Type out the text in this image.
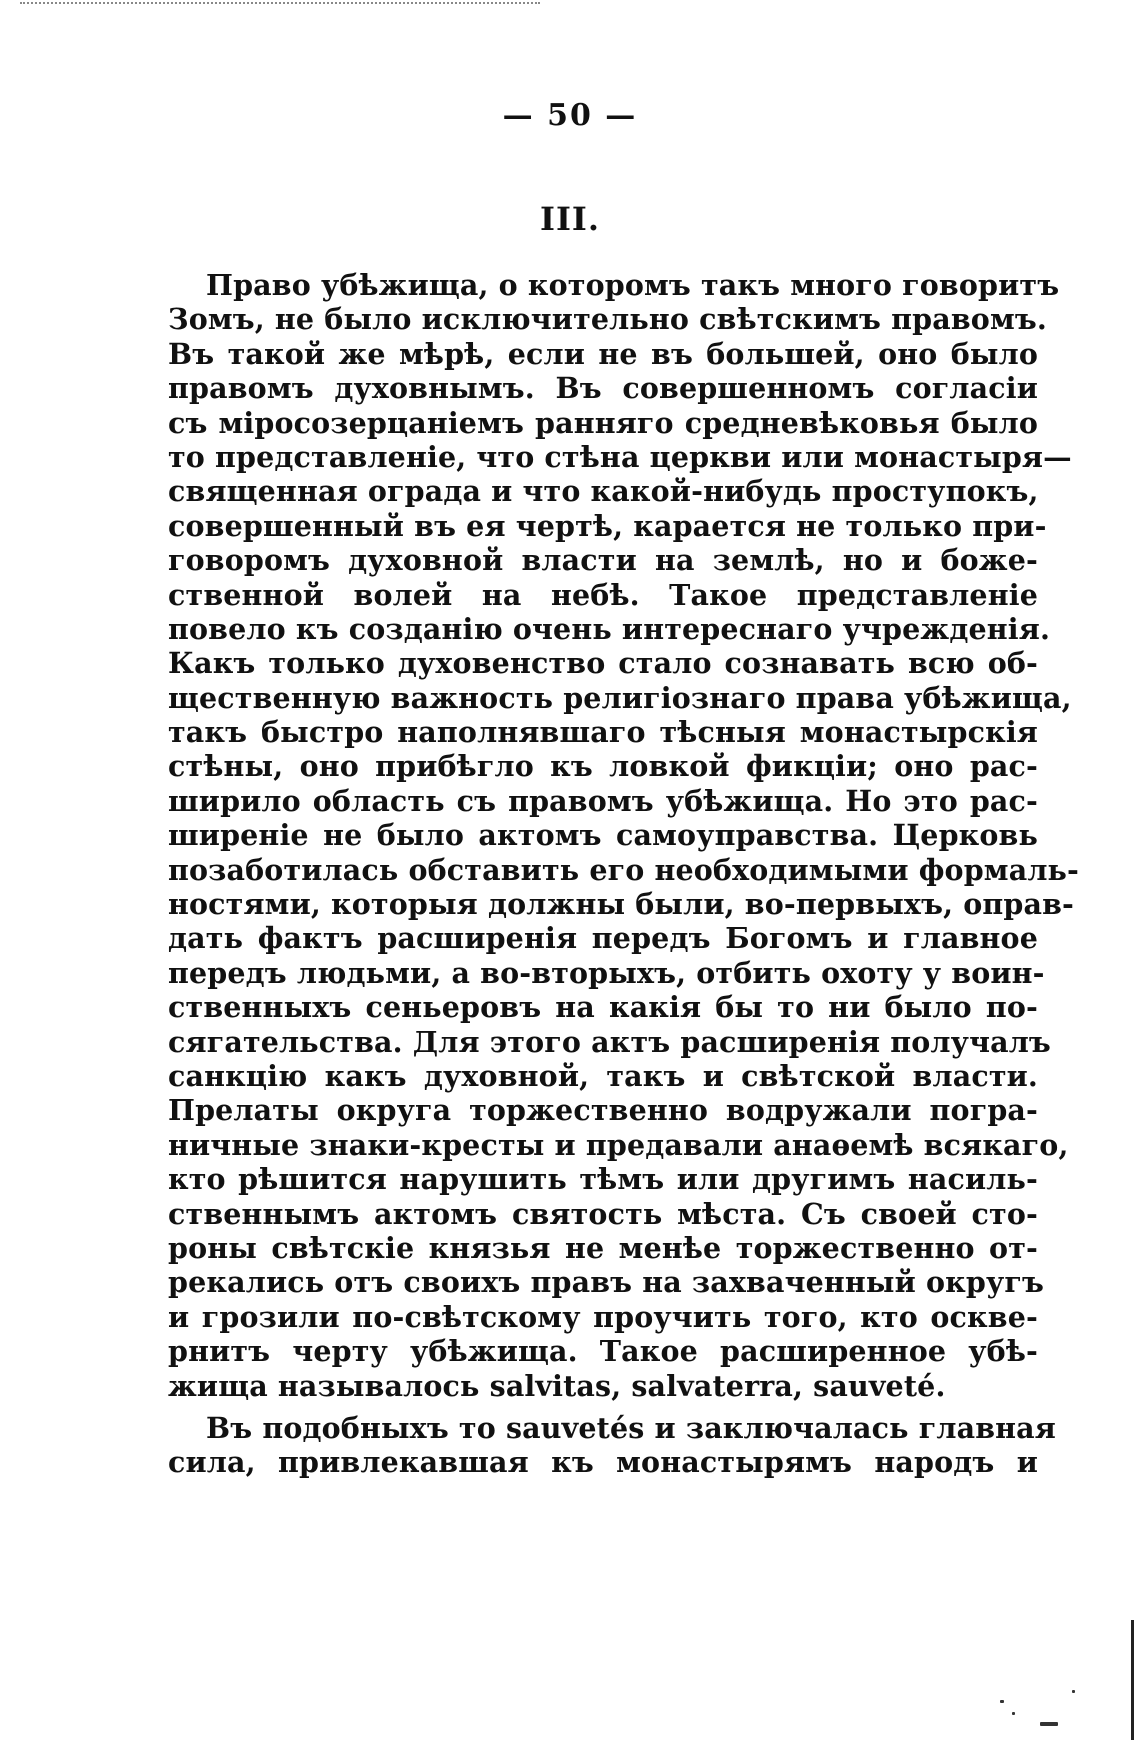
— 50 —
III.
Право убѣжища, о которомъ такъ много говоритъ
Зомъ, не было исключительно свѣтскимъ правомъ.
Въ такой же мѣрѣ, если не въ большей, оно было
правомъ духовнымъ. Въ совершенномъ согласіи
съ міросозерцаніемъ ранняго средневѣковья было
то представленіе, что стѣна церкви или монастыря—
священная ограда и что какой-нибудь проступокъ,
совершенный въ ея чертѣ, карается не только при-
говоромъ духовной власти на землѣ, но и боже-
ственной волей на небѣ. Такое представленіе
повело къ созданію очень интереснаго учрежденія.
Какъ только духовенство стало сознавать всю об-
щественную важность религіознаго права убѣжища,
такъ быстро наполнявшаго тѣсныя монастырскія
стѣны, оно прибѣгло къ ловкой фикціи; оно рас-
ширило область съ правомъ убѣжища. Но это рас-
ширеніе не было актомъ самоуправства. Церковь
позаботилась обставить его необходимыми формаль-
ностями, которыя должны были, во-первыхъ, оправ-
дать фактъ расширенія передъ Богомъ и главное
передъ людьми, а во-вторыхъ, отбить охоту у воин-
ственныхъ сеньеровъ на какія бы то ни было по-
сягательства. Для этого актъ расширенія получалъ
санкцію какъ духовной, такъ и свѣтской власти.
Прелаты округа торжественно водружали погра-
ничные знаки-кресты и предавали анаѳемѣ всякаго,
кто рѣшится нарушить тѣмъ или другимъ насиль-
ственнымъ актомъ святость мѣста. Съ своей сто-
роны свѣтскіе князья не менѣе торжественно от-
рекались отъ своихъ правъ на захваченный округъ
и грозили по-свѣтскому проучить того, кто оскве-
рнитъ черту убѣжища. Такое расширенное убѣ-
жища называлось salvitas, salvaterra, sauveté.
Въ подобныхъ то sauvetés и заключалась главная
сила, привлекавшая къ монастырямъ народъ и
